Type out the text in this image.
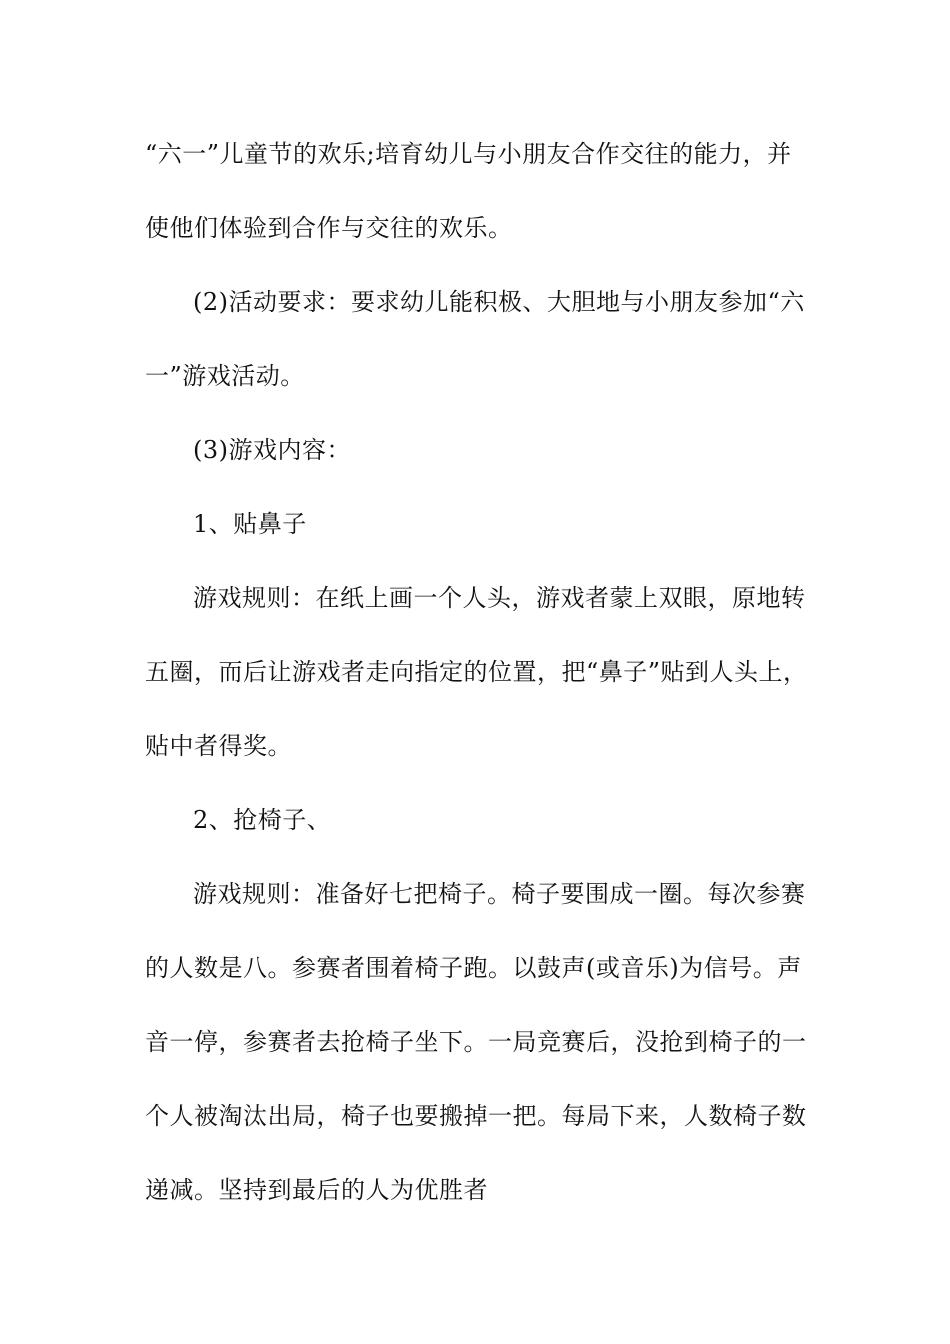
“六一”儿童节的欢乐;培育幼儿与小朋友合作交往的能力，并
使他们体验到合作与交往的欢乐。
(2)活动要求：要求幼儿能积极、大胆地与小朋友参加“六
一”游戏活动。
(3)游戏内容：
1、贴鼻子
游戏规则：在纸上画一个人头，游戏者蒙上双眼，原地转
五圈，而后让游戏者走向指定的位置，把“鼻子”贴到人头上，
贴中者得奖。
2、抢椅子、
游戏规则：准备好七把椅子。椅子要围成一圈。每次参赛
的人数是八。参赛者围着椅子跑。以鼓声(或音乐)为信号。声
音一停，参赛者去抢椅子坐下。一局竞赛后，没抢到椅子的一
个人被淘汰出局，椅子也要搬掉一把。每局下来，人数椅子数
递减。坚持到最后的人为优胜者
